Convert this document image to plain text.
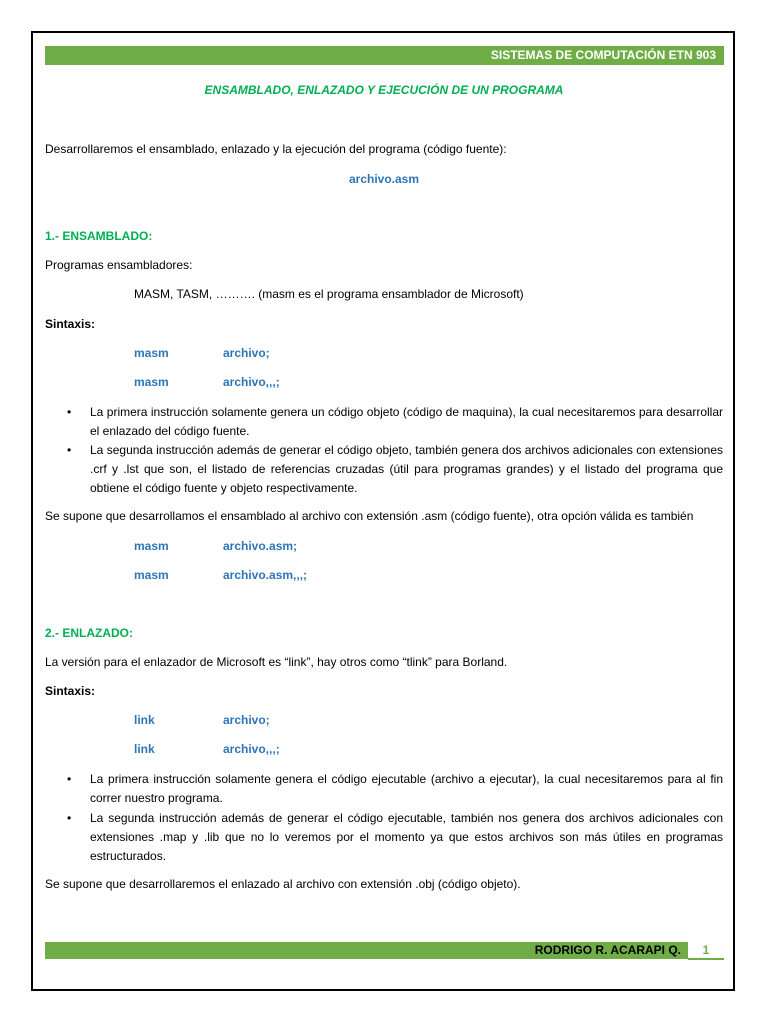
SISTEMAS DE COMPUTACIÓN ETN 903
ENSAMBLADO, ENLAZADO Y EJECUCIÓN DE UN PROGRAMA
Desarrollaremos el ensamblado, enlazado y la ejecución del programa (código fuente):
archivo.asm
1.- ENSAMBLADO:
Programas ensambladores:
MASM, TASM, ………. (masm es el programa ensamblador de Microsoft)
Sintaxis:
masm	archivo;
masm	archivo,,,;
• La primera instrucción solamente genera un código objeto (código de maquina), la cual necesitaremos para desarrollar el enlazado del código fuente.
• La segunda instrucción además de generar el código objeto, también genera dos archivos adicionales con extensiones .crf y .lst que son, el listado de referencias cruzadas (útil para programas grandes) y el listado del programa que obtiene el código fuente y objeto respectivamente.
Se supone que desarrollamos el ensamblado al archivo con extensión .asm (código fuente), otra opción válida es también
masm	archivo.asm;
masm	archivo.asm,,,;
2.- ENLAZADO:
La versión para el enlazador de Microsoft es “link”, hay otros como “tlink” para Borland.
Sintaxis:
link	archivo;
link	archivo,,,;
• La primera instrucción solamente genera el código ejecutable (archivo a ejecutar), la cual necesitaremos para al fin correr nuestro programa.
• La segunda instrucción además de generar el código ejecutable, también nos genera dos archivos adicionales con extensiones .map y .lib que no lo veremos por el momento ya que estos archivos son más útiles en programas estructurados.
Se supone que desarrollaremos el enlazado al archivo con extensión .obj (código objeto).
RODRIGO R. ACARAPI Q.	1
